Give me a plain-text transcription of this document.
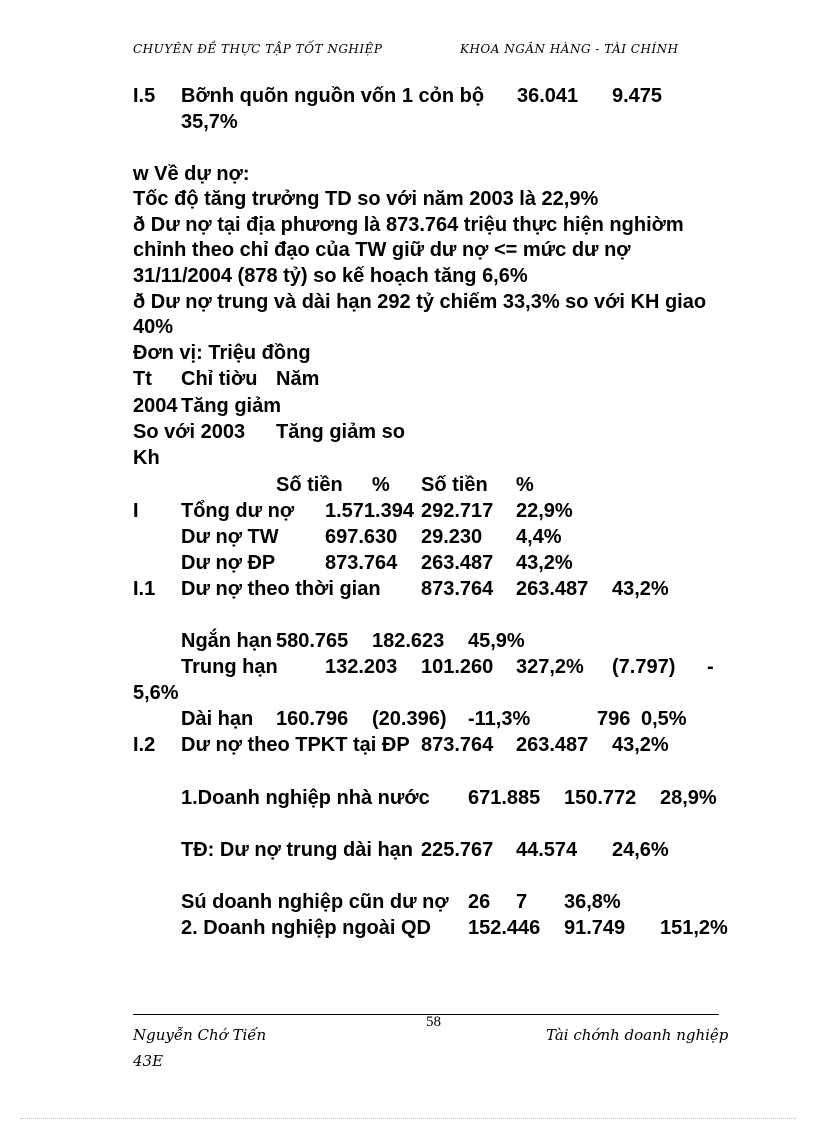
CHUYÊN ĐỀ THỰC TẬP TỐT NGHIỆP	KHOA NGÂN HÀNG - TÀI CHÍNH
I.5 Bỡnh quõn nguồn vốn 1 cỏn bộ 36.041 9.475
35,7%
w Về dự nợ:
Tốc độ tăng trưởng TD so với năm 2003 là 22,9%
ð Dư nợ tại địa phương là 873.764 triệu thực hiện nghiờm
chỉnh theo chỉ đạo của TW giữ dư nợ <= mức dư nợ
31/11/2004 (878 tỷ) so kế hoạch tăng 6,6%
ð Dư nợ trung và dài hạn 292 tỷ chiếm 33,3% so với KH giao
40%
Đơn vị: Triệu đồng
Tt Chỉ tiờu Năm
2004 Tăng giảm
So với 2003 Tăng giảm so
Kh
Số tiền % Số tiền %
I Tổng dư nợ 1.571.394 292.717 22,9%
Dư nợ TW 697.630 29.230 4,4%
Dư nợ ĐP 873.764 263.487 43,2%
I.1 Dư nợ theo thời gian 873.764 263.487 43,2%
Ngắn hạn 580.765 182.623 45,9%
Trung hạn 132.203 101.260 327,2% (7.797) -
5,6%
Dài hạn 160.796 (20.396) -11,3%	796 0,5%
I.2 Dư nợ theo TPKT tại ĐP 873.764 263.487 43,2%
1.Doanh nghiệp nhà nước 671.885 150.772 28,9%
TĐ: Dư nợ trung dài hạn 225.767 44.574 24,6%
Sú doanh nghiệp cũn dư nợ 26 7 36,8%
2. Doanh nghiệp ngoài QD 152.446 91.749 151,2%
58
Nguyễn Chớ Tiến
43E
Tài chớnh doanh nghiệp
